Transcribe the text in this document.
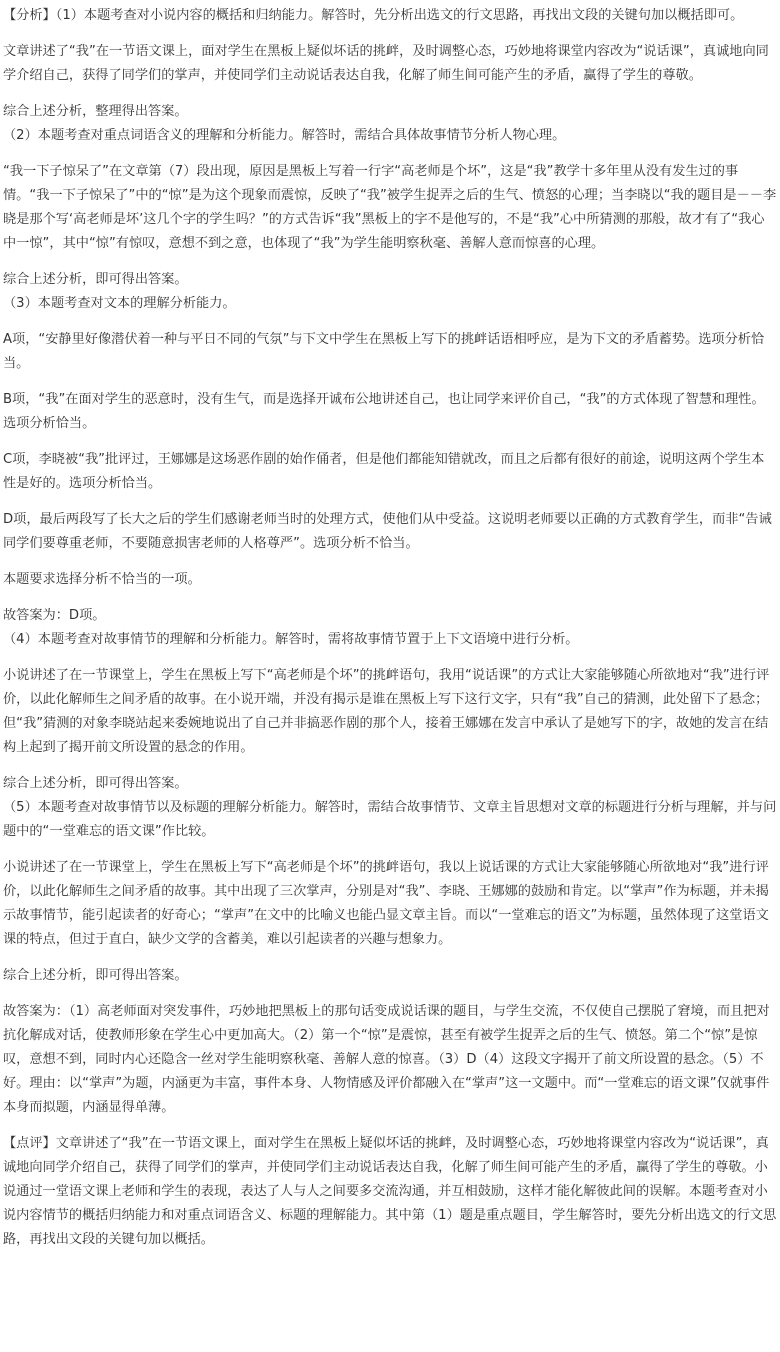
【分析】（1）本题考查对小说内容的概括和归纳能力。解答时，先分析出选文的行文思路，再找出文段的关键句加以概括即可。

文章讲述了“我”在一节语文课上，面对学生在黑板上疑似坏话的挑衅，及时调整心态，巧妙地将课堂内容改为“说话课”，真诚地向同学介绍自己，获得了同学们的掌声，并使同学们主动说话表达自我，化解了师生间可能产生的矛盾，赢得了学生的尊敬。

综合上述分析，整理得出答案。

（2）本题考查对重点词语含义的理解和分析能力。解答时，需结合具体故事情节分析人物心理。

“我一下子惊呆了”在文章第（7）段出现，原因是黑板上写着一行字“高老师是个坏”，这是“我”教学十多年里从没有发生过的事情。“我一下子惊呆了”中的“惊”是为这个现象而震惊，反映了“我”被学生捉弄之后的生气、愤怒的心理；当李晓以“我的题目是－－李晓是那个写‘高老师是坏’这几个字的学生吗？”的方式告诉“我”黑板上的字不是他写的，不是“我”心中所猜测的那般，故才有了“我心中一惊”，其中“惊”有惊叹，意想不到之意，也体现了“我”为学生能明察秋毫、善解人意而惊喜的心理。

综合上述分析，即可得出答案。

（3）本题考查对文本的理解分析能力。

A项，“安静里好像潜伏着一种与平日不同的气氛”与下文中学生在黑板上写下的挑衅话语相呼应，是为下文的矛盾蓄势。选项分析恰当。

B项，“我”在面对学生的恶意时，没有生气，而是选择开诚布公地讲述自己，也让同学来评价自己，“我”的方式体现了智慧和理性。选项分析恰当。

C项，李晓被“我”批评过，王娜娜是这场恶作剧的始作俑者，但是他们都能知错就改，而且之后都有很好的前途，说明这两个学生本性是好的。选项分析恰当。

D项，最后两段写了长大之后的学生们感谢老师当时的处理方式，使他们从中受益。这说明老师要以正确的方式教育学生，而非“告诫同学们要尊重老师，不要随意损害老师的人格尊严”。选项分析不恰当。

本题要求选择分析不恰当的一项。

故答案为：D项。

（4）本题考查对故事情节的理解和分析能力。解答时，需将故事情节置于上下文语境中进行分析。

小说讲述了在一节课堂上，学生在黑板上写下“高老师是个坏”的挑衅语句，我用“说话课”的方式让大家能够随心所欲地对“我”进行评价，以此化解师生之间矛盾的故事。在小说开端，并没有揭示是谁在黑板上写下这行文字，只有“我”自己的猜测，此处留下了悬念；但“我”猜测的对象李晓站起来委婉地说出了自己并非搞恶作剧的那个人，接着王娜娜在发言中承认了是她写下的字，故她的发言在结构上起到了揭开前文所设置的悬念的作用。

综合上述分析，即可得出答案。

（5）本题考查对故事情节以及标题的理解分析能力。解答时，需结合故事情节、文章主旨思想对文章的标题进行分析与理解，并与问题中的“一堂难忘的语文课”作比较。

小说讲述了在一节课堂上，学生在黑板上写下“高老师是个坏”的挑衅语句，我以上说话课的方式让大家能够随心所欲地对“我”进行评价，以此化解师生之间矛盾的故事。其中出现了三次掌声，分别是对“我”、李晓、王娜娜的鼓励和肯定。以“掌声”作为标题，并未揭示故事情节，能引起读者的好奇心；“掌声”在文中的比喻义也能凸显文章主旨。而以“一堂难忘的语文”为标题，虽然体现了这堂语文课的特点，但过于直白，缺少文学的含蓄美，难以引起读者的兴趣与想象力。

综合上述分析，即可得出答案。

故答案为：（1）高老师面对突发事件，巧妙地把黑板上的那句话变成说话课的题目，与学生交流，不仅使自己摆脱了窘境，而且把对抗化解成对话，使教师形象在学生心中更加高大。（2）第一个“惊”是震惊，甚至有被学生捉弄之后的生气、愤怒。第二个“惊”是惊叹，意想不到，同时内心还隐含一丝对学生能明察秋毫、善解人意的惊喜。（3）D（4）这段文字揭开了前文所设置的悬念。（5）不好。理由：以“掌声”为题，内涵更为丰富，事件本身、人物情感及评价都融入在“掌声”这一文题中。而“一堂难忘的语文课”仅就事件本身而拟题，内涵显得单薄。

【点评】文章讲述了“我”在一节语文课上，面对学生在黑板上疑似坏话的挑衅，及时调整心态，巧妙地将课堂内容改为“说话课”，真诚地向同学介绍自己，获得了同学们的掌声，并使同学们主动说话表达自我，化解了师生间可能产生的矛盾，赢得了学生的尊敬。小说通过一堂语文课上老师和学生的表现，表达了人与人之间要多交流沟通，并互相鼓励，这样才能化解彼此间的误解。本题考查对小说内容情节的概括归纳能力和对重点词语含义、标题的理解能力。其中第（1）题是重点题目，学生解答时，要先分析出选文的行文思路，再找出文段的关键句加以概括。
